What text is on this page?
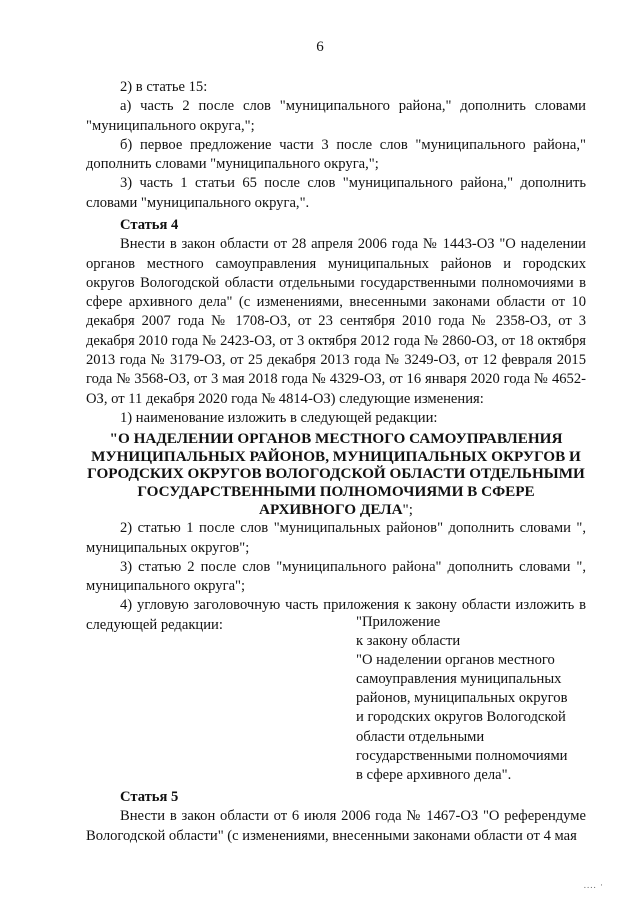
6

2) в статье 15:

а) часть 2 после слов "муниципального района," дополнить словами "муниципального округа,";

б) первое предложение части 3 после слов "муниципального района," дополнить словами "муниципального округа,";

3) часть 1 статьи 65 после слов "муниципального района," дополнить словами "муниципального округа,".

Статья 4

Внести в закон области от 28 апреля 2006 года № 1443-ОЗ "О наделении органов местного самоуправления муниципальных районов и городских округов Вологодской области отдельными государственными полномочиями в сфере архивного дела" (с изменениями, внесенными законами области от 10 декабря 2007 года № 1708-ОЗ, от 23 сентября 2010 года № 2358-ОЗ, от 3 декабря 2010 года № 2423-ОЗ, от 3 октября 2012 года № 2860-ОЗ, от 18 октября 2013 года № 3179-ОЗ, от 25 декабря 2013 года № 3249-ОЗ, от 12 февраля 2015 года № 3568-ОЗ, от 3 мая 2018 года № 4329-ОЗ, от 16 января 2020 года № 4652-ОЗ, от 11 декабря 2020 года № 4814-ОЗ) следующие изменения:

1) наименование изложить в следующей редакции:

"О НАДЕЛЕНИИ ОРГАНОВ МЕСТНОГО САМОУПРАВЛЕНИЯ

МУНИЦИПАЛЬНЫХ РАЙОНОВ, МУНИЦИПАЛЬНЫХ ОКРУГОВ И

ГОРОДСКИХ ОКРУГОВ ВОЛОГОДСКОЙ ОБЛАСТИ ОТДЕЛЬНЫМИ

ГОСУДАРСТВЕННЫМИ ПОЛНОМОЧИЯМИ В СФЕРЕ

АРХИВНОГО ДЕЛА";

2) статью 1 после слов "муниципальных районов" дополнить словами ", муниципальных округов";

3) статью 2 после слов "муниципального района" дополнить словами ", муниципального округа";

4) угловую заголовочную часть приложения к закону области изложить в следующей редакции:	"Приложение
к закону области
"О наделении органов местного
самоуправления муниципальных
районов, муниципальных округов
и городских округов Вологодской
области отдельными
государственными полномочиями
в сфере архивного дела".

Статья 5

Внести в закон области от 6 июля 2006 года № 1467-ОЗ "О референдуме Вологодской области" (с изменениями, внесенными законами области от 4 мая

.... ·
